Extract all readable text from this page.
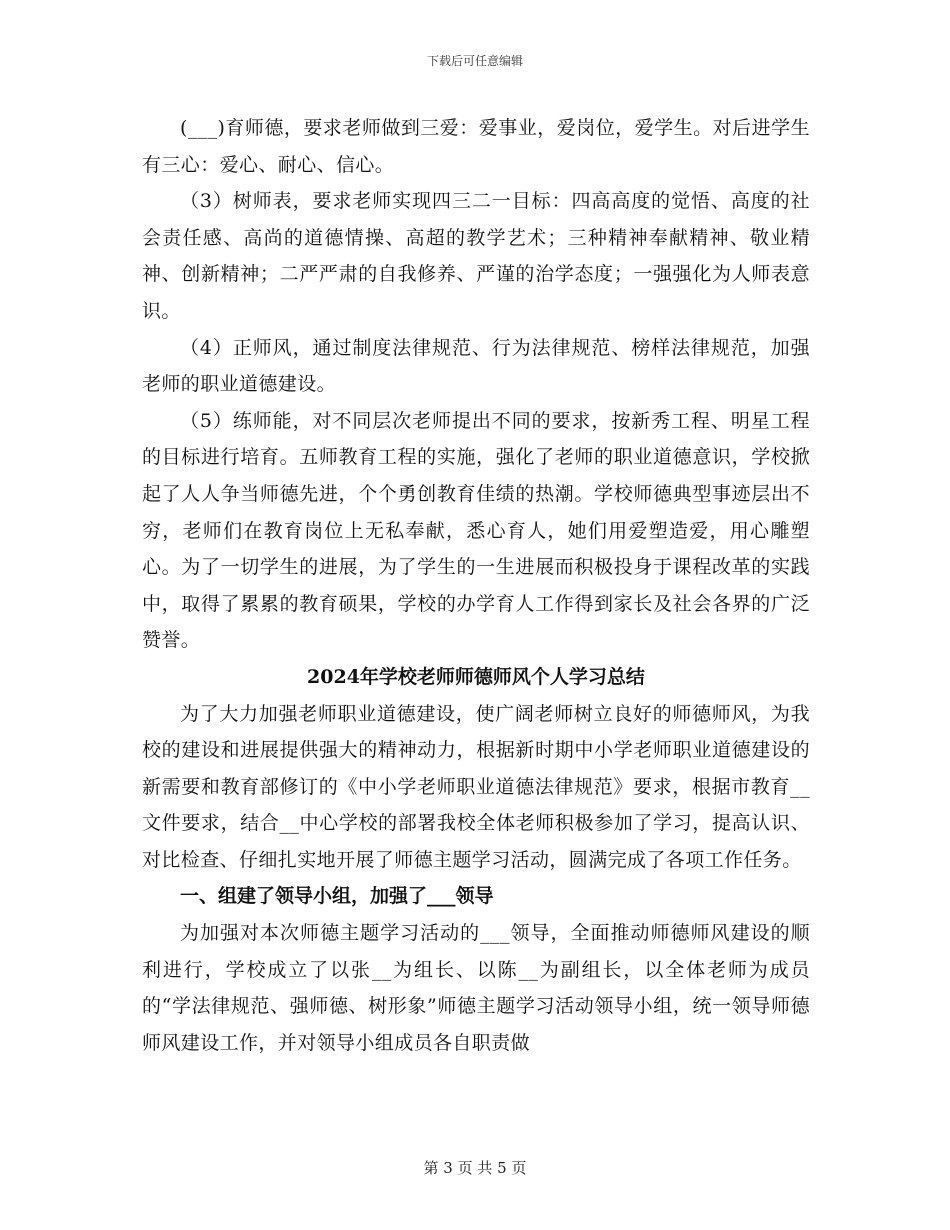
下载后可任意编辑

(___)育师德，要求老师做到三爱：爱事业，爱岗位，爱学生。对后进学生有三心：爱心、耐心、信心。

（3）树师表，要求老师实现四三二一目标：四高高度的觉悟、高度的社会责任感、高尚的道德情操、高超的教学艺术；三种精神奉献精神、敬业精神、创新精神；二严严肃的自我修养、严谨的治学态度；一强强化为人师表意识。

（4）正师风，通过制度法律规范、行为法律规范、榜样法律规范，加强老师的职业道德建设。

（5）练师能，对不同层次老师提出不同的要求，按新秀工程、明星工程的目标进行培育。五师教育工程的实施，强化了老师的职业道德意识，学校掀起了人人争当师德先进，个个勇创教育佳绩的热潮。学校师德典型事迹层出不穷，老师们在教育岗位上无私奉献，悉心育人，她们用爱塑造爱，用心雕塑心。为了一切学生的进展，为了学生的一生进展而积极投身于课程改革的实践中，取得了累累的教育硕果，学校的办学育人工作得到家长及社会各界的广泛赞誉。

2024年学校老师师德师风个人学习总结

为了大力加强老师职业道德建设，使广阔老师树立良好的师德师风，为我校的建设和进展提供强大的精神动力，根据新时期中小学老师职业道德建设的新需要和教育部修订的《中小学老师职业道德法律规范》要求，根据市教育__文件要求，结合__中心学校的部署我校全体老师积极参加了学习，提高认识、对比检查、仔细扎实地开展了师德主题学习活动，圆满完成了各项工作任务。

一、组建了领导小组，加强了___领导

为加强对本次师德主题学习活动的___领导，全面推动师德师风建设的顺利进行，学校成立了以张__为组长、以陈__为副组长，以全体老师为成员的“学法律规范、强师德、树形象”师德主题学习活动领导小组，统一领导师德师风建设工作，并对领导小组成员各自职责做

第 3 页 共 5 页
